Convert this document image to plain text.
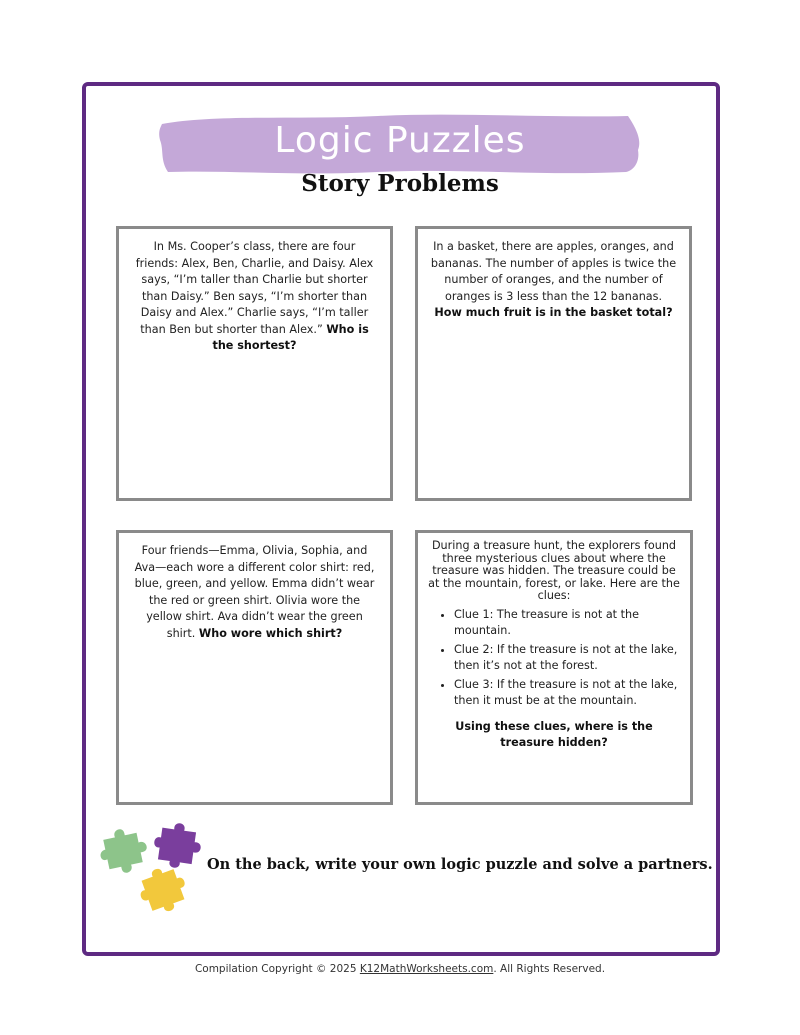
Logic Puzzles
Story Problems
In Ms. Cooper’s class, there are four friends: Alex, Ben, Charlie, and Daisy. Alex says, “I’m taller than Charlie but shorter than Daisy.” Ben says, “I’m shorter than Daisy and Alex.” Charlie says, “I’m taller than Ben but shorter than Alex.” Who is the shortest?
In a basket, there are apples, oranges, and bananas. The number of apples is twice the number of oranges, and the number of oranges is 3 less than the 12 bananas. How much fruit is in the basket total?
Four friends—Emma, Olivia, Sophia, and Ava—each wore a different color shirt: red, blue, green, and yellow. Emma didn’t wear the red or green shirt. Olivia wore the yellow shirt. Ava didn’t wear the green shirt. Who wore which shirt?
During a treasure hunt, the explorers found three mysterious clues about where the treasure was hidden. The treasure could be at the mountain, forest, or lake. Here are the clues:
• Clue 1: The treasure is not at the mountain.
• Clue 2: If the treasure is not at the lake, then it’s not at the forest.
• Clue 3: If the treasure is not at the lake, then it must be at the mountain.
Using these clues, where is the treasure hidden?
On the back, write your own logic puzzle and solve a partners.
Compilation Copyright © 2025 K12MathWorksheets.com. All Rights Reserved.
